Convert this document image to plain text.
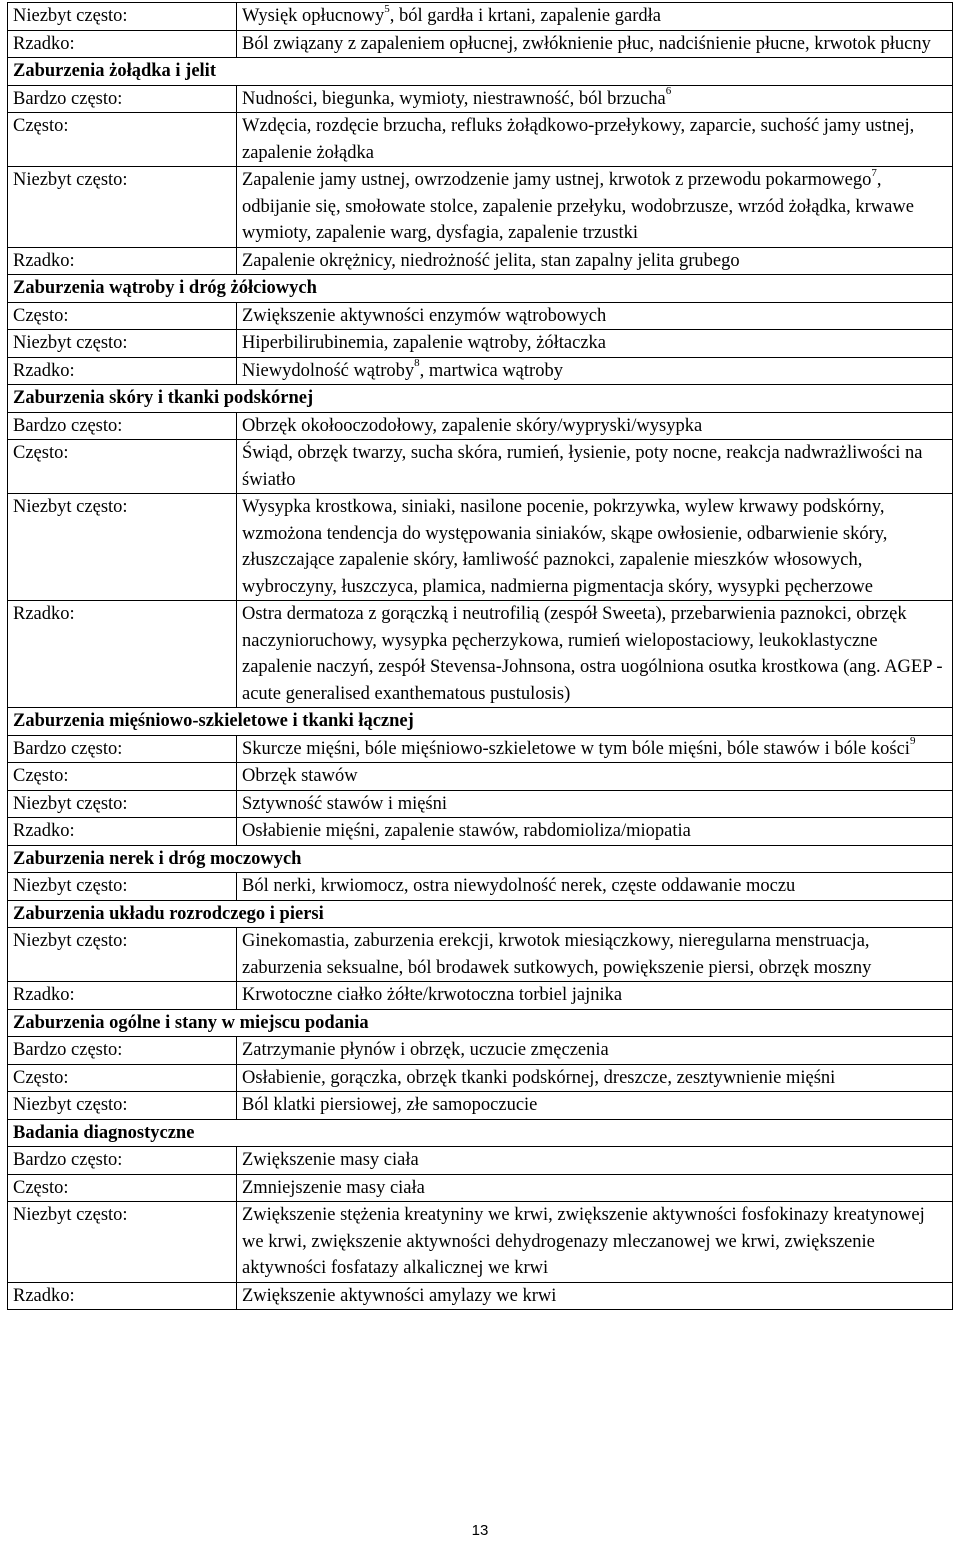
Niezbyt często:	Wysięk opłucnowy$^5$, ból gardła i krtani, zapalenie gardła
Rzadko:	Ból związany z zapaleniem opłucnej, zwłóknienie płuc, nadciśnienie płucne, krwotok płucny
Zaburzenia żołądka i jelit	
Bardzo często:	Nudności, biegunka, wymioty, niestrawność, ból brzucha$^6$
Często:	Wzdęcia, rozdęcie brzucha, refluks żołądkowo-przełykowy, zaparcie, suchość jamy ustnej, zapalenie żołądka
Niezbyt często:	Zapalenie jamy ustnej, owrzodzenie jamy ustnej, krwotok z przewodu pokarmowego$^7$, odbijanie się, smołowate stolce, zapalenie przełyku, wodobrzusze, wrzód żołądka, krwawe wymioty, zapalenie warg, dysfagia, zapalenie trzustki
Rzadko:	Zapalenie okrężnicy, niedrożność jelita, stan zapalny jelita grubego
Zaburzenia wątroby i dróg żółciowych	
Często:	Zwiększenie aktywności enzymów wątrobowych
Niezbyt często:	Hiperbilirubinemia, zapalenie wątroby, żółtaczka
Rzadko:	Niewydolność wątroby$^8$, martwica wątroby
Zaburzenia skóry i tkanki podskórnej	
Bardzo często:	Obrzęk okołooczodołowy, zapalenie skóry/wypryski/wysypka
Często:	Świąd, obrzęk twarzy, sucha skóra, rumień, łysienie, poty nocne, reakcja nadwrażliwości na światło
Niezbyt często:	Wysypka krostkowa, siniaki, nasilone pocenie, pokrzywka, wylew krwawy podskórny, wzmożona tendencja do występowania siniaków, skąpe owłosienie, odbarwienie skóry, złuszczające zapalenie skóry, łamliwość paznokci, zapalenie mieszków włosowych, wybroczyny, łuszczyca, plamica, nadmierna pigmentacja skóry, wysypki pęcherzowe
Rzadko:	Ostra dermatoza z gorączką i neutrofilią (zespół Sweeta), przebarwienia paznokci, obrzęk naczynioruchowy, wysypka pęcherzykowa, rumień wielopostaciowy, leukoklastyczne zapalenie naczyń, zespół Stevensa-Johnsona, ostra uogólniona osutka krostkowa (ang. AGEP - acute generalised exanthematous pustulosis)
Zaburzenia mięśniowo-szkieletowe i tkanki łącznej	
Bardzo często:	Skurcze mięśni, bóle mięśniowo-szkieletowe w tym bóle mięśni, bóle stawów i bóle kości$^9$
Często:	Obrzęk stawów
Niezbyt często:	Sztywność stawów i mięśni
Rzadko:	Osłabienie mięśni, zapalenie stawów, rabdomioliza/miopatia
Zaburzenia nerek i dróg moczowych	
Niezbyt często:	Ból nerki, krwiomocz, ostra niewydolność nerek, częste oddawanie moczu
Zaburzenia układu rozrodczego i piersi	
Niezbyt często:	Ginekomastia, zaburzenia erekcji, krwotok miesiączkowy, nieregularna menstruacja, zaburzenia seksualne, ból brodawek sutkowych, powiększenie piersi, obrzęk moszny
Rzadko:	Krwotoczne ciałko żółte/krwotoczna torbiel jajnika
Zaburzenia ogólne i stany w miejscu podania	
Bardzo często:	Zatrzymanie płynów i obrzęk, uczucie zmęczenia
Często:	Osłabienie, gorączka, obrzęk tkanki podskórnej, dreszcze, zesztywnienie mięśni
Niezbyt często:	Ból klatki piersiowej, złe samopoczucie
Badania diagnostyczne	
Bardzo często:	Zwiększenie masy ciała
Często:	Zmniejszenie masy ciała
Niezbyt często:	Zwiększenie stężenia kreatyniny we krwi, zwiększenie aktywności fosfokinazy kreatynowej we krwi, zwiększenie aktywności dehydrogenazy mleczanowej we krwi, zwiększenie aktywności fosfatazy alkalicznej we krwi
Rzadko:	Zwiększenie aktywności amylazy we krwi
13
